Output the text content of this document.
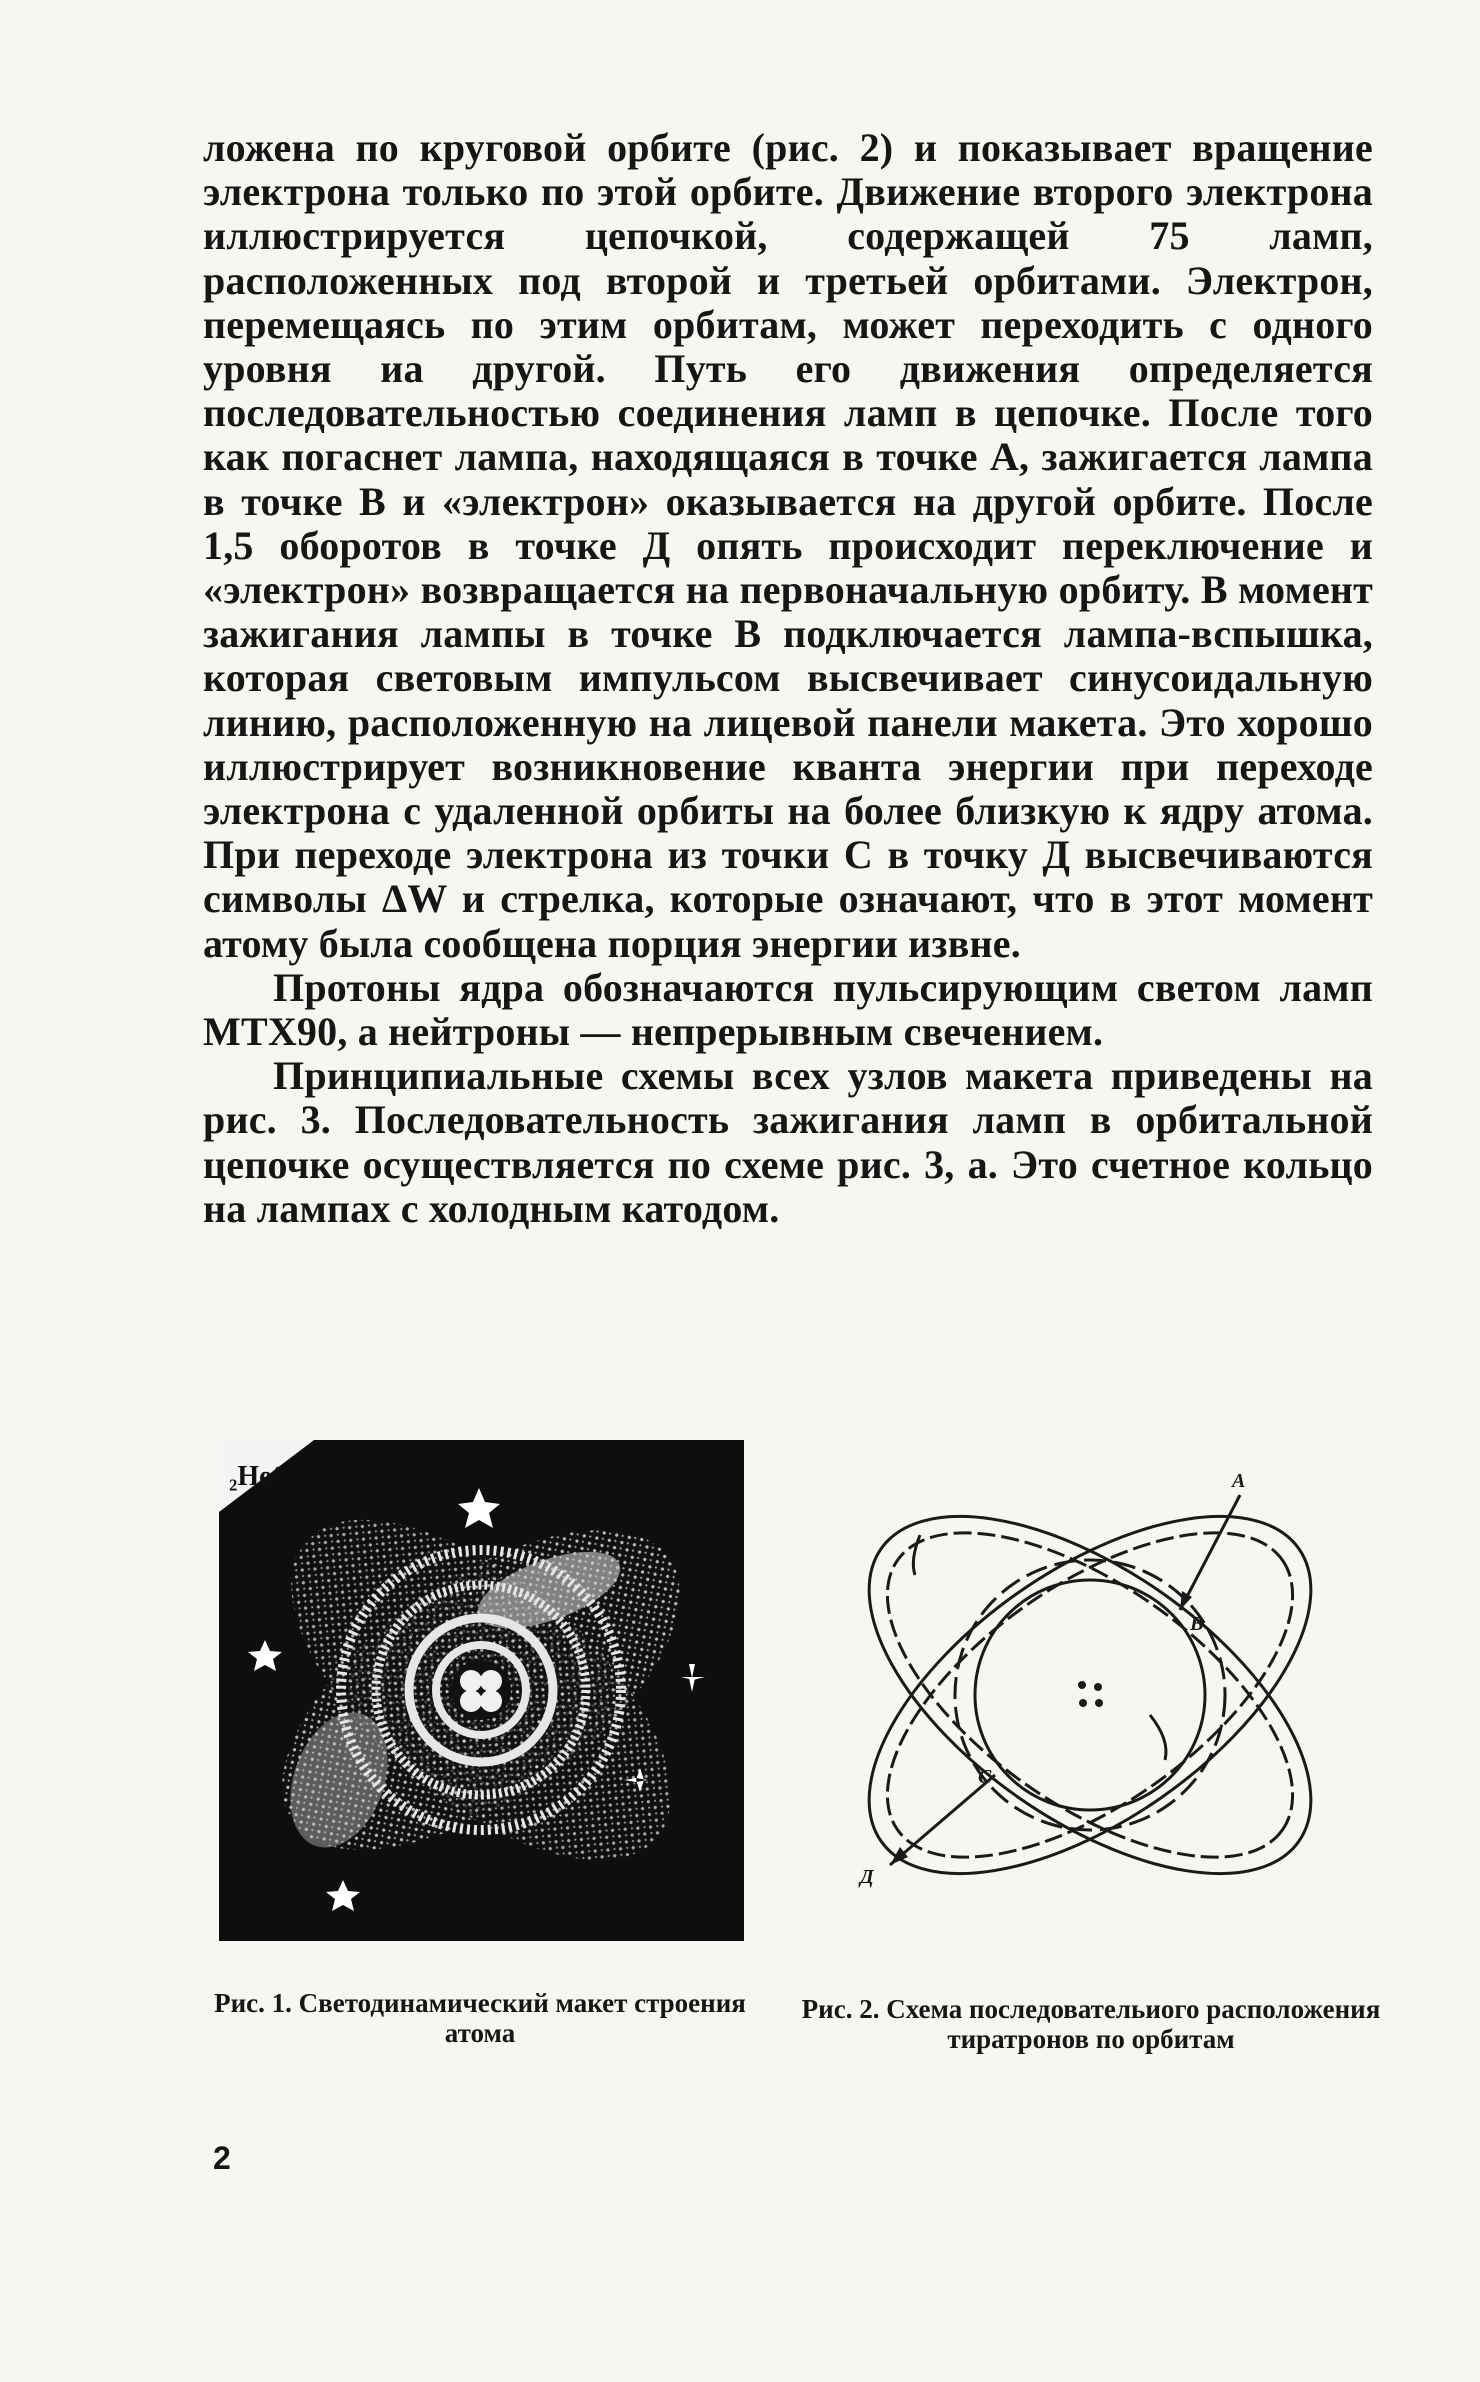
ложена по круговой орбите (рис. 2) и показывает вращение электрона только по этой орбите. Движение второго электрона иллюстрируется цепочкой, содержащей 75 ламп, расположенных под второй и третьей орбитами. Электрон, перемещаясь по этим орбитам, может переходить с одного уровня иа другой. Путь его движения определяется последовательностью соединения ламп в цепочке. После того как погаснет лампа, находящаяся в точке А, зажигается лампа в точке В и «электрон» оказывается на другой орбите. После 1,5 оборотов в точке Д опять происходит переключение и «электрон» возвращается на первоначальную орбиту. В момент зажигания лампы в точке В подключается лампа-вспышка, которая световым импульсом высвечивает синусоидальную линию, расположенную на лицевой панели макета. Это хорошо иллюстрирует возникновение кванта энергии при переходе электрона с удаленной орбиты на более близкую к ядру атома. При переходе электрона из точки С в точку Д высвечиваются символы ΔW и стрелка, которые означают, что в этот момент атому была сообщена порция энергии извне.

Протоны ядра обозначаются пульсирующим светом ламп МТХ90, а нейтроны — непрерывным свечением.

Принципиальные схемы всех узлов макета приведены на рис. 3. Последовательность зажигания ламп в орбитальной цепочке осуществляется по схеме рис. 3, а. Это счетное кольцо на лампах с холодным катодом.

₂He⁴
Рис. 1. Светодинамический макет строения атома
А
В
С
Д
Рис. 2. Схема последовательиого расположения тиратронов по орбитам
2
